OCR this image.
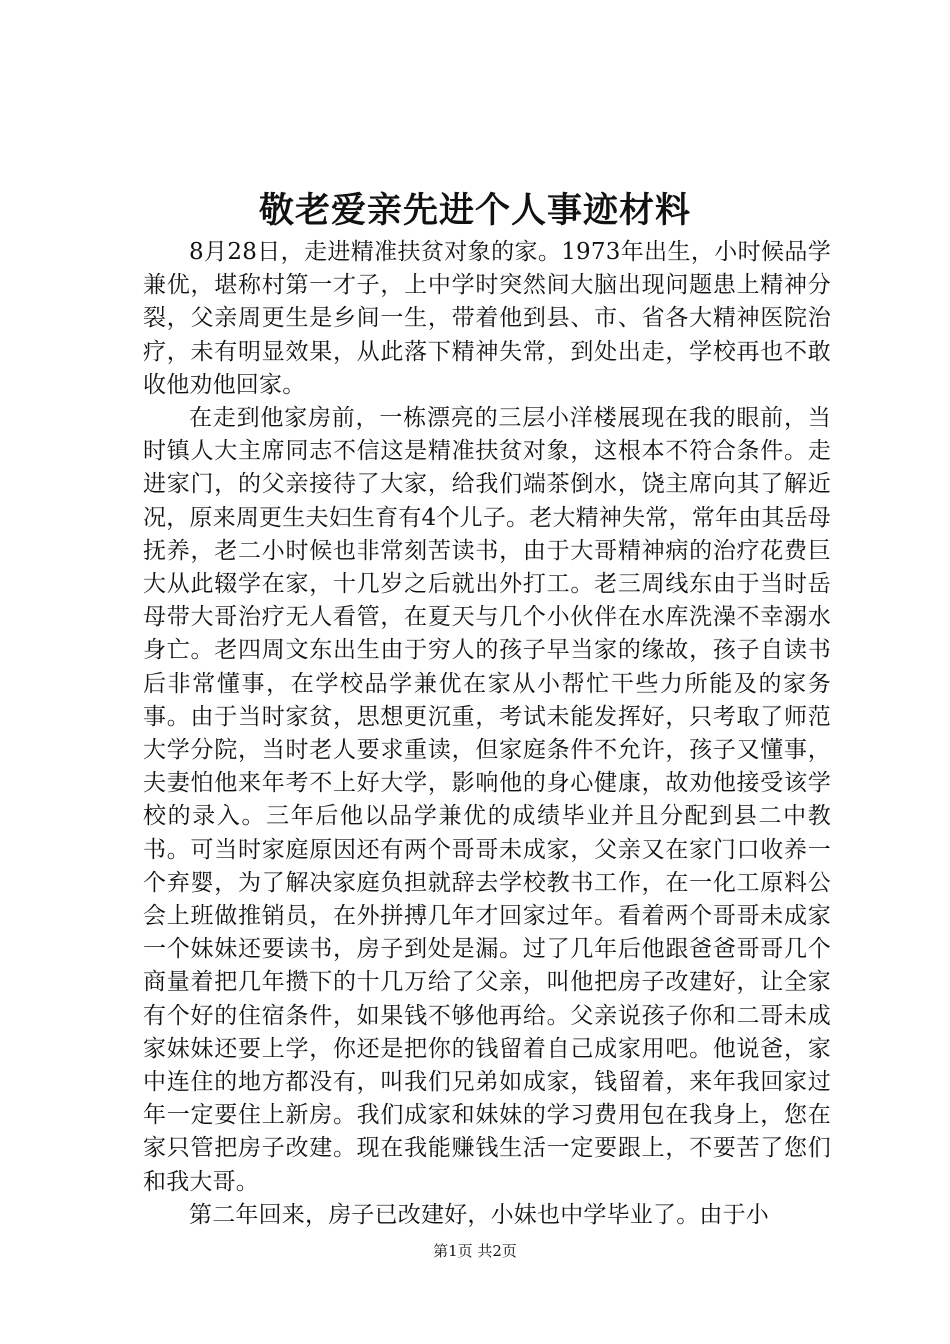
敬老爱亲先进个人事迹材料

8月28日，走进精准扶贫对象的家。1973年出生，小时候品学兼优，堪称村第一才子，上中学时突然间大脑出现问题患上精神分裂，父亲周更生是乡间一生，带着他到县、市、省各大精神医院治疗，未有明显效果，从此落下精神失常，到处出走，学校再也不敢收他劝他回家。

在走到他家房前，一栋漂亮的三层小洋楼展现在我的眼前，当时镇人大主席同志不信这是精准扶贫对象，这根本不符合条件。走进家门，的父亲接待了大家，给我们端茶倒水，饶主席向其了解近况，原来周更生夫妇生育有4个儿子。老大精神失常，常年由其岳母抚养，老二小时候也非常刻苦读书，由于大哥精神病的治疗花费巨大从此辍学在家，十几岁之后就出外打工。老三周线东由于当时岳母带大哥治疗无人看管，在夏天与几个小伙伴在水库洗澡不幸溺水身亡。老四周文东出生由于穷人的孩子早当家的缘故，孩子自读书后非常懂事，在学校品学兼优在家从小帮忙干些力所能及的家务事。由于当时家贫，思想更沉重，考试未能发挥好，只考取了师范大学分院，当时老人要求重读，但家庭条件不允许，孩子又懂事，夫妻怕他来年考不上好大学，影响他的身心健康，故劝他接受该学校的录入。三年后他以品学兼优的成绩毕业并且分配到县二中教书。可当时家庭原因还有两个哥哥未成家，父亲又在家门口收养一个弃婴，为了解决家庭负担就辞去学校教书工作，在一化工原料公会上班做推销员，在外拼搏几年才回家过年。看着两个哥哥未成家一个妹妹还要读书，房子到处是漏。过了几年后他跟爸爸哥哥几个商量着把几年攒下的十几万给了父亲，叫他把房子改建好，让全家有个好的住宿条件，如果钱不够他再给。父亲说孩子你和二哥未成家妹妹还要上学，你还是把你的钱留着自己成家用吧。他说爸，家中连住的地方都没有，叫我们兄弟如成家，钱留着，来年我回家过年一定要住上新房。我们成家和妹妹的学习费用包在我身上，您在家只管把房子改建。现在我能赚钱生活一定要跟上，不要苦了您们和我大哥。

第二年回来，房子已改建好，小妹也中学毕业了。由于小

第1页 共2页
